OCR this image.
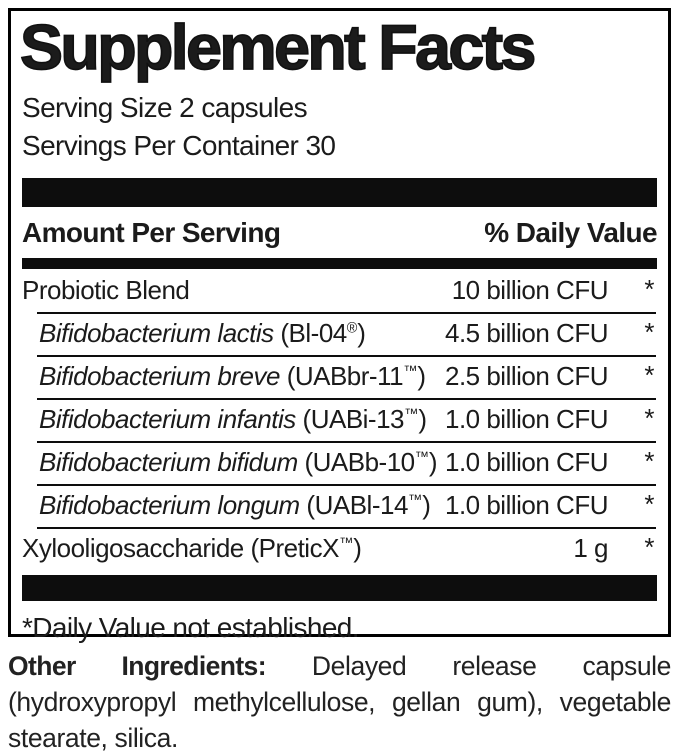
Supplement Facts
Serving Size 2 capsules
Servings Per Container 30
Amount Per Serving	% Daily Value
Probiotic Blend	10 billion CFU	*
Bifidobacterium lactis (Bl-04®)	4.5 billion CFU	*
Bifidobacterium breve (UABbr-11™) 2.5 billion CFU	*
Bifidobacterium infantis (UABi-13™) 1.0 billion CFU	*
Bifidobacterium bifidum (UABb-10™) 1.0 billion CFU	*
Bifidobacterium longum (UABl-14™) 1.0 billion CFU	*
Xylooligosaccharide (PreticX™)	1 g	*
*Daily Value not established.

Other Ingredients: Delayed release capsule (hydroxypropyl methylcellulose, gellan gum), vegetable stearate, silica.
